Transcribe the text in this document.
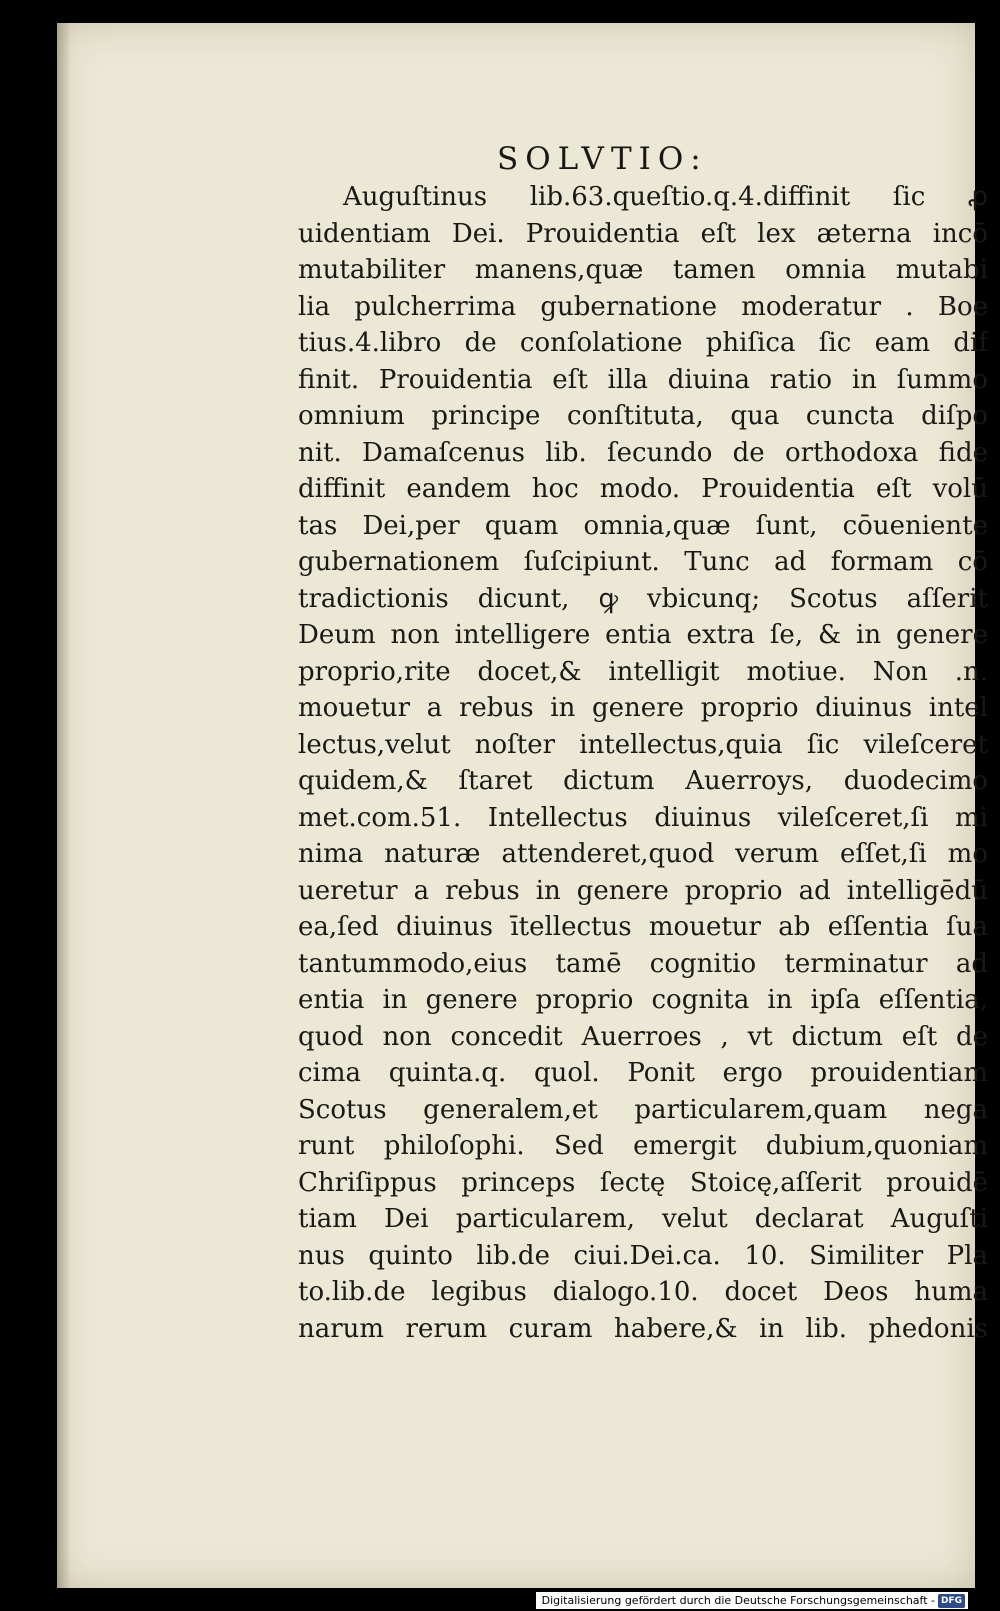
SOLVTIO:
Auguſtinus lib.63.queſtio.q.4.diffinit ſic ꝓ
uidentiam Dei. Prouidentia eſt lex æterna incō
mutabiliter manens,quæ tamen omnia mutabi
lia pulcherrima gubernatione moderatur . Boe
tius.4.libro de conſolatione phiſica ſic eam dif
finit. Prouidentia eſt illa diuina ratio in ſummo
omnium principe conſtituta, qua cuncta diſpo
nit. Damaſcenus lib. ſecundo de orthodoxa fide
diffinit eandem hoc modo. Prouidentia eſt volū
tas Dei,per quam omnia,quæ ſunt, cōueniente
gubernationem ſuſcipiunt. Tunc ad formam cō
tradictionis dicunt, ꝙ vbicunq; Scotus aſſerit
Deum non intelligere entia extra ſe, & in genere
proprio,rite docet,& intelligit motiue. Non .n.
mouetur a rebus in genere proprio diuinus intel
lectus,velut noſter intellectus,quia ſic vileſceret
quidem,& ſtaret dictum Auerroys, duodecimo
met.com.51. Intellectus diuinus vileſceret,ſi mi
nima naturæ attenderet,quod verum eſſet,ſi mo
ueretur a rebus in genere proprio ad intelligēdū
ea,ſed diuinus ītellectus mouetur ab eſſentia ſua
tantummodo,eius tamē cognitio terminatur ad
entia in genere proprio cognita in ipſa eſſentia,
quod non concedit Auerroes , vt dictum eſt de
cima quinta.q. quol. Ponit ergo prouidentiam
Scotus generalem,et particularem,quam nega
runt philoſophi. Sed emergit dubium,quoniam
Chriſippus princeps ſectę Stoicę,aſſerit prouidē
tiam Dei particularem, velut declarat Auguſti
nus quinto lib.de ciui.Dei.ca. 10. Similiter Pla
to.lib.de legibus dialogo.10. docet Deos huma
narum rerum curam habere,& in lib. phedonis
Digitalisierung gefördert durch die Deutsche Forschungsgemeinschaft - DFG
